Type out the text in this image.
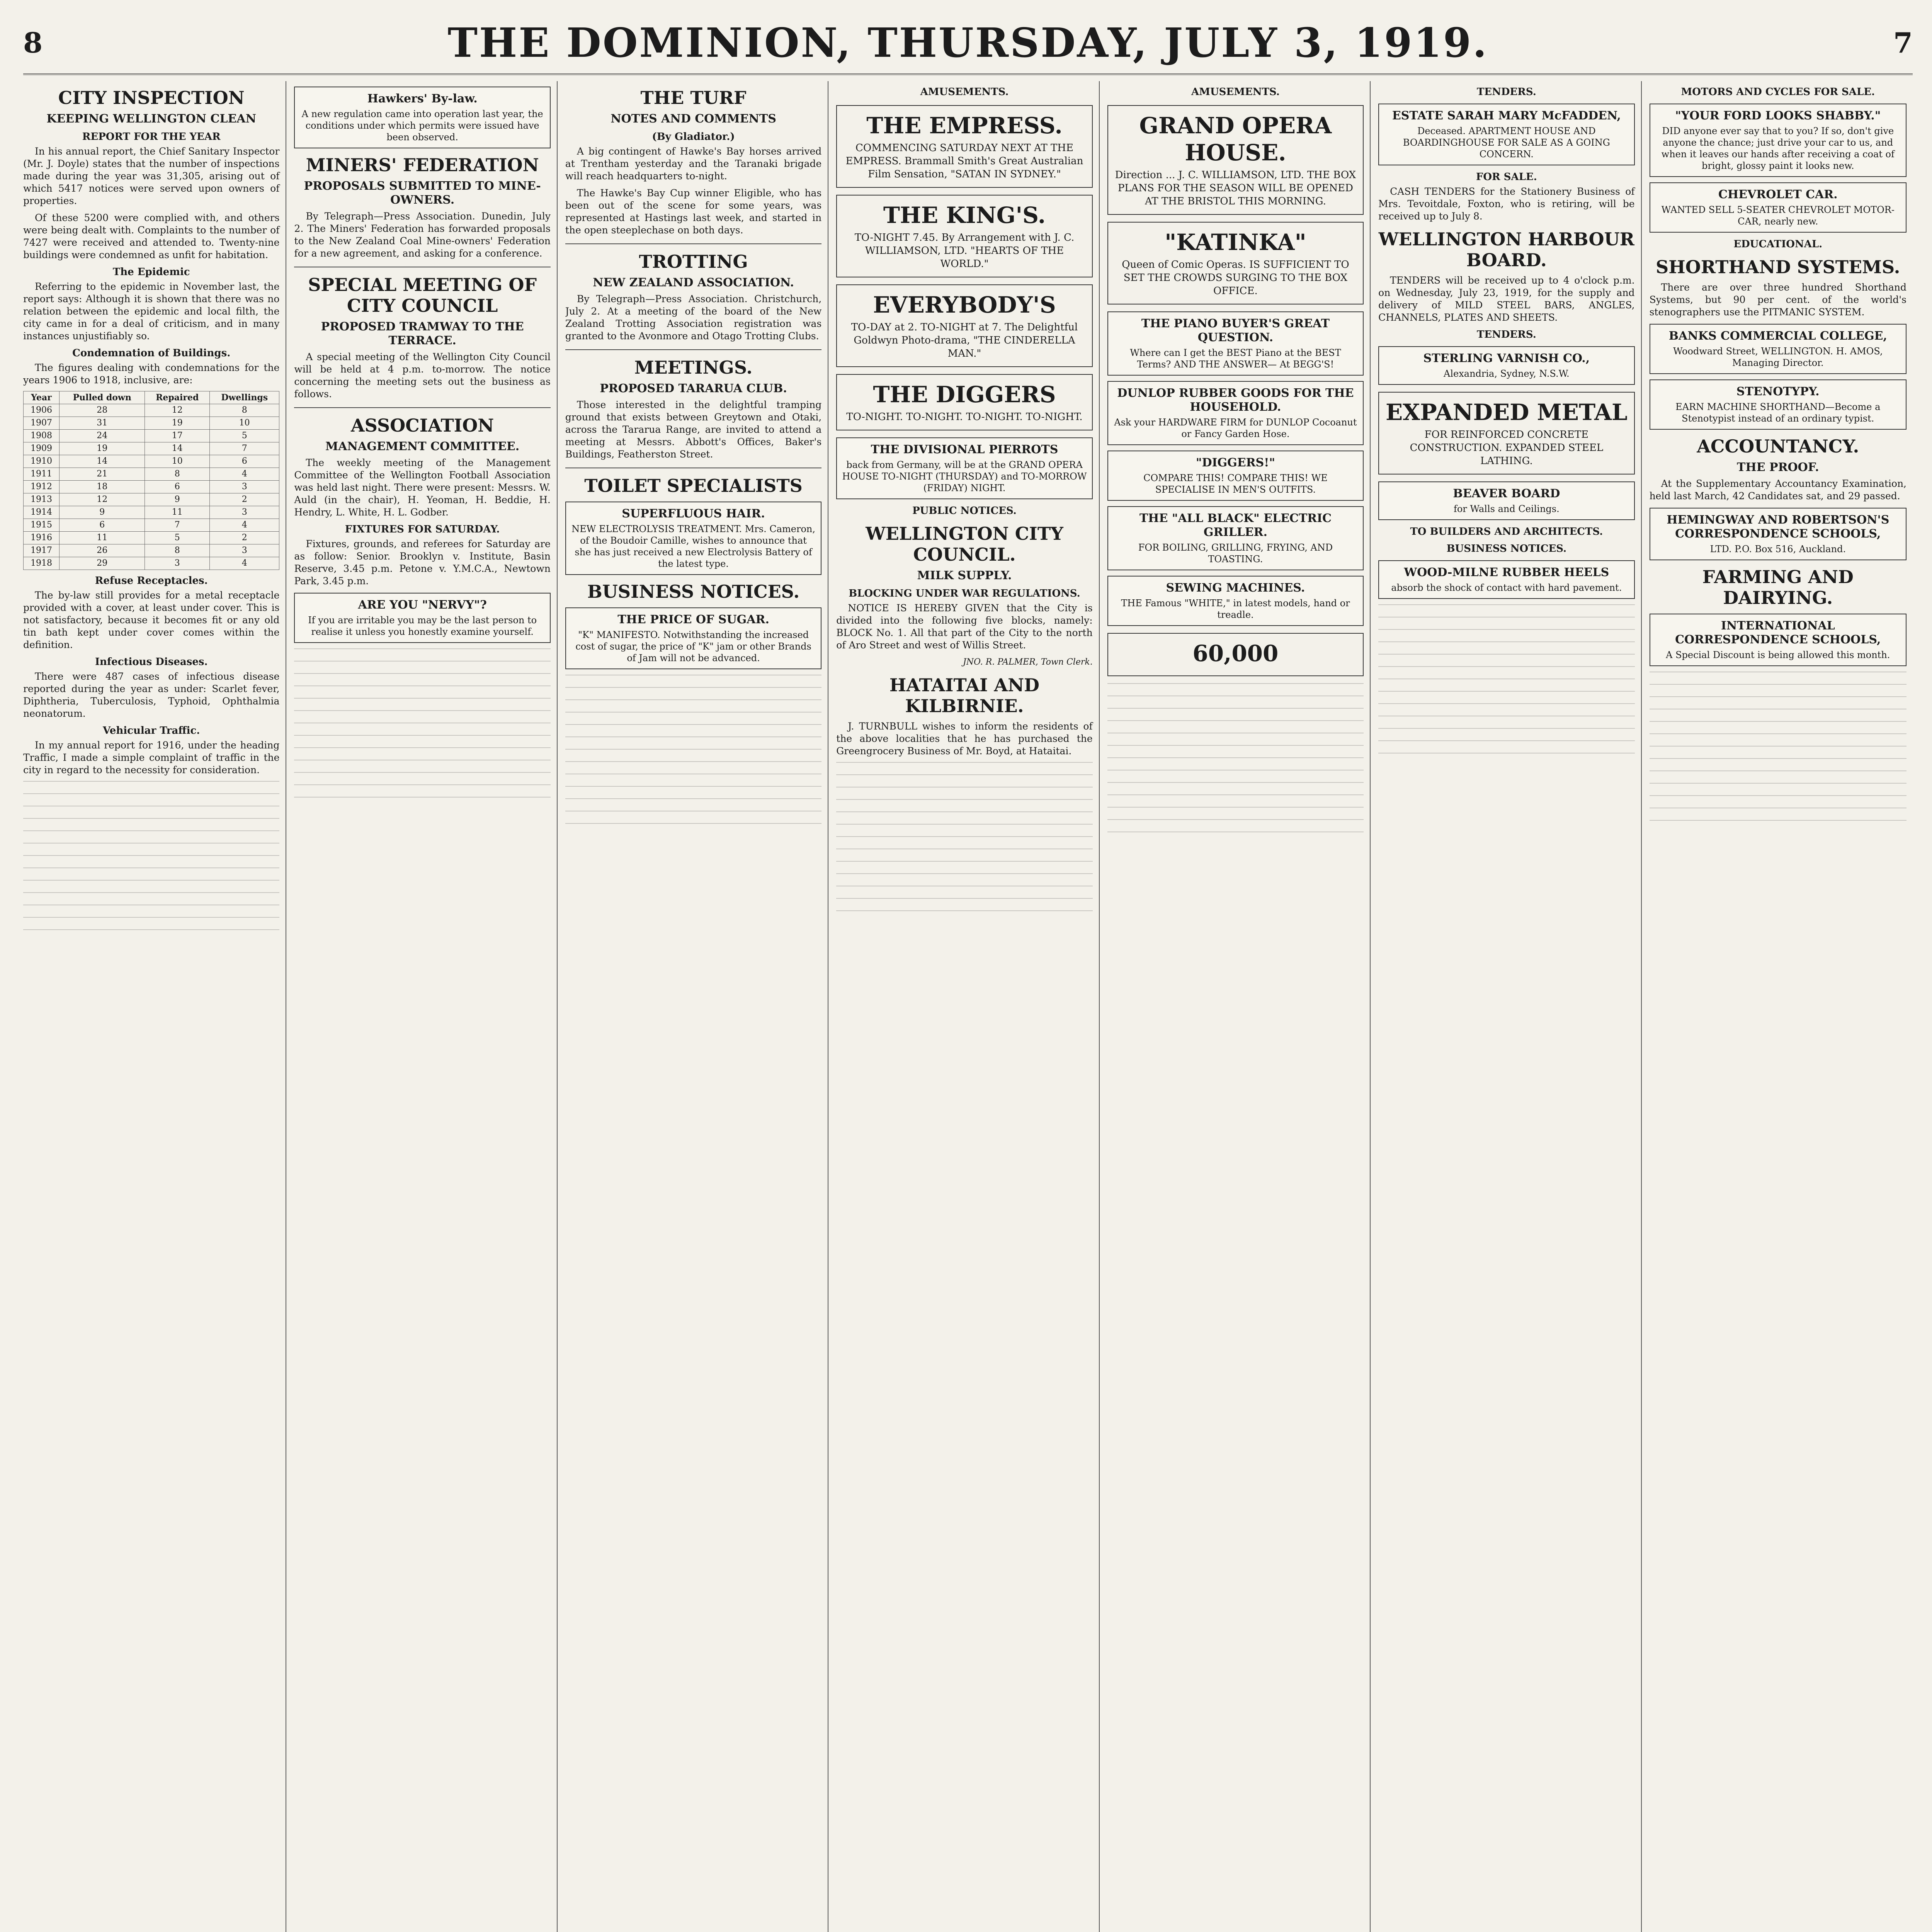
8	THE DOMINION, THURSDAY, JULY 3, 1919.	7
CITY INSPECTION
KEEPING WELLINGTON CLEAN
REPORT FOR THE YEAR

In his annual report, the Chief Sanitary Inspector (Mr. J. Doyle) states that the number of inspections made during the year was 31,305, arising out of which 5417 notices were served upon owners of properties.

Of these 5200 were complied with, and others were being dealt with. Complaints to the number of 7427 were received and attended to. Twenty-nine buildings were condemned as unfit for habitation.

The Epidemic

Referring to the epidemic in November last, the report says: Although it is shown that there was no relation between the epidemic and local filth, the city came in for a deal of criticism, and in many instances unjustifiably so.

Condemnation of Buildings.

The figures dealing with condemnations for the years 1906 to 1918, inclusive, are:

Year	Pulled down	Repaired	Dwellings
1906	28	12	8
1907	31	19	10
1908	24	17	5
1909	19	14	7
1910	14	10	6
1911	21	8	4
1912	18	6	3
1913	12	9	2
1914	9	11	3
1915	6	7	4
1916	11	5	2
1917	26	8	3
1918	29	3	4
Refuse Receptacles.

The by-law still provides for a metal receptacle provided with a cover, at least under cover. This is not satisfactory, because it becomes fit or any old tin bath kept under cover comes within the definition.

Infectious Diseases.

There were 487 cases of infectious disease reported during the year as under: Scarlet fever, Diphtheria, Tuberculosis, Typhoid, Ophthalmia neonatorum.

Vehicular Traffic.

In my annual report for 1916, under the heading Traffic, I made a simple complaint of traffic in the city in regard to the necessity for consideration.

Hawkers' By-law.
A new regulation came into operation last year, the conditions under which permits were issued have been observed.
MINERS' FEDERATION
PROPOSALS SUBMITTED TO MINE-OWNERS.

By Telegraph—Press Association. Dunedin, July 2. The Miners' Federation has forwarded proposals to the New Zealand Coal Mine-owners' Federation for a new agreement, and asking for a conference.

SPECIAL MEETING OF CITY COUNCIL
PROPOSED TRAMWAY TO THE TERRACE.

A special meeting of the Wellington City Council will be held at 4 p.m. to-morrow. The notice concerning the meeting sets out the business as follows.

ASSOCIATION
MANAGEMENT COMMITTEE.

The weekly meeting of the Management Committee of the Wellington Football Association was held last night. There were present: Messrs. W. Auld (in the chair), H. Yeoman, H. Beddie, H. Hendry, L. White, H. L. Godber.

FIXTURES FOR SATURDAY.

Fixtures, grounds, and referees for Saturday are as follow: Senior. Brooklyn v. Institute, Basin Reserve, 3.45 p.m. Petone v. Y.M.C.A., Newtown Park, 3.45 p.m.

ARE YOU "NERVY"?
If you are irritable you may be the last person to realise it unless you honestly examine yourself.
THE TURF
NOTES AND COMMENTS
(By Gladiator.)

A big contingent of Hawke's Bay horses arrived at Trentham yesterday and the Taranaki brigade will reach headquarters to-night.

The Hawke's Bay Cup winner Eligible, who has been out of the scene for some years, was represented at Hastings last week, and started in the open steeplechase on both days.

TROTTING
NEW ZEALAND ASSOCIATION.

By Telegraph—Press Association. Christchurch, July 2. At a meeting of the board of the New Zealand Trotting Association registration was granted to the Avonmore and Otago Trotting Clubs.

MEETINGS.
PROPOSED TARARUA CLUB.

Those interested in the delightful tramping ground that exists between Greytown and Otaki, across the Tararua Range, are invited to attend a meeting at Messrs. Abbott's Offices, Baker's Buildings, Featherston Street.

TOILET SPECIALISTS
SUPERFLUOUS HAIR.
NEW ELECTROLYSIS TREATMENT. Mrs. Cameron, of the Boudoir Camille, wishes to announce that she has just received a new Electrolysis Battery of the latest type.
BUSINESS NOTICES.
THE PRICE OF SUGAR.
"K" MANIFESTO. Notwithstanding the increased cost of sugar, the price of "K" jam or other Brands of Jam will not be advanced.
AMUSEMENTS.
THE EMPRESS.
COMMENCING SATURDAY NEXT AT THE EMPRESS. Brammall Smith's Great Australian Film Sensation, "SATAN IN SYDNEY."
THE KING'S.
TO-NIGHT 7.45. By Arrangement with J. C. WILLIAMSON, LTD. "HEARTS OF THE WORLD."
EVERYBODY'S
TO-DAY at 2. TO-NIGHT at 7. The Delightful Goldwyn Photo-drama, "THE CINDERELLA MAN."
THE DIGGERS
TO-NIGHT. TO-NIGHT. TO-NIGHT. TO-NIGHT.
THE DIVISIONAL PIERROTS
back from Germany, will be at the GRAND OPERA HOUSE TO-NIGHT (THURSDAY) and TO-MORROW (FRIDAY) NIGHT.
PUBLIC NOTICES.
WELLINGTON CITY COUNCIL.
MILK SUPPLY.
BLOCKING UNDER WAR REGULATIONS.

NOTICE IS HEREBY GIVEN that the City is divided into the following five blocks, namely: BLOCK No. 1. All that part of the City to the north of Aro Street and west of Willis Street.

JNO. R. PALMER, Town Clerk.
HATAITAI AND KILBIRNIE.

J. TURNBULL wishes to inform the residents of the above localities that he has purchased the Greengrocery Business of Mr. Boyd, at Hataitai.

AMUSEMENTS.
GRAND OPERA HOUSE.
Direction ... J. C. WILLIAMSON, LTD. THE BOX PLANS FOR THE SEASON WILL BE OPENED AT THE BRISTOL THIS MORNING.
"KATINKA"
Queen of Comic Operas. IS SUFFICIENT TO SET THE CROWDS SURGING TO THE BOX OFFICE.
THE PIANO BUYER'S GREAT QUESTION.
Where can I get the BEST Piano at the BEST Terms? AND THE ANSWER— At BEGG'S!
DUNLOP RUBBER GOODS FOR THE HOUSEHOLD.
Ask your HARDWARE FIRM for DUNLOP Cocoanut or Fancy Garden Hose.
"DIGGERS!"
COMPARE THIS! COMPARE THIS! WE SPECIALISE IN MEN'S OUTFITS.
THE "ALL BLACK" ELECTRIC GRILLER.
FOR BOILING, GRILLING, FRYING, AND TOASTING.
SEWING MACHINES.
THE Famous "WHITE," in latest models, hand or treadle.
60,000
TENDERS.
ESTATE SARAH MARY McFADDEN,
Deceased. APARTMENT HOUSE AND BOARDINGHOUSE FOR SALE AS A GOING CONCERN.
FOR SALE.

CASH TENDERS for the Stationery Business of Mrs. Tevoitdale, Foxton, who is retiring, will be received up to July 8.

WELLINGTON HARBOUR BOARD.

TENDERS will be received up to 4 o'clock p.m. on Wednesday, July 23, 1919, for the supply and delivery of MILD STEEL BARS, ANGLES, CHANNELS, PLATES AND SHEETS.

TENDERS.
STERLING VARNISH CO.,
Alexandria, Sydney, N.S.W.
EXPANDED METAL
FOR REINFORCED CONCRETE CONSTRUCTION. EXPANDED STEEL LATHING.
BEAVER BOARD
for Walls and Ceilings.
TO BUILDERS AND ARCHITECTS.
BUSINESS NOTICES.
WOOD-MILNE RUBBER HEELS
absorb the shock of contact with hard pavement.
MOTORS AND CYCLES FOR SALE.
"YOUR FORD LOOKS SHABBY."
DID anyone ever say that to you? If so, don't give anyone the chance; just drive your car to us, and when it leaves our hands after receiving a coat of bright, glossy paint it looks new.
CHEVROLET CAR.
WANTED SELL 5-SEATER CHEVROLET MOTOR-CAR, nearly new.
EDUCATIONAL.
SHORTHAND SYSTEMS.

There are over three hundred Shorthand Systems, but 90 per cent. of the world's stenographers use the PITMANIC SYSTEM.

BANKS COMMERCIAL COLLEGE,
Woodward Street, WELLINGTON. H. AMOS, Managing Director.
STENOTYPY.
EARN MACHINE SHORTHAND—Become a Stenotypist instead of an ordinary typist.
ACCOUNTANCY.
THE PROOF.

At the Supplementary Accountancy Examination, held last March, 42 Candidates sat, and 29 passed.

HEMINGWAY AND ROBERTSON'S CORRESPONDENCE SCHOOLS,
LTD. P.O. Box 516, Auckland.
FARMING AND DAIRYING.
INTERNATIONAL CORRESPONDENCE SCHOOLS,
A Special Discount is being allowed this month.
